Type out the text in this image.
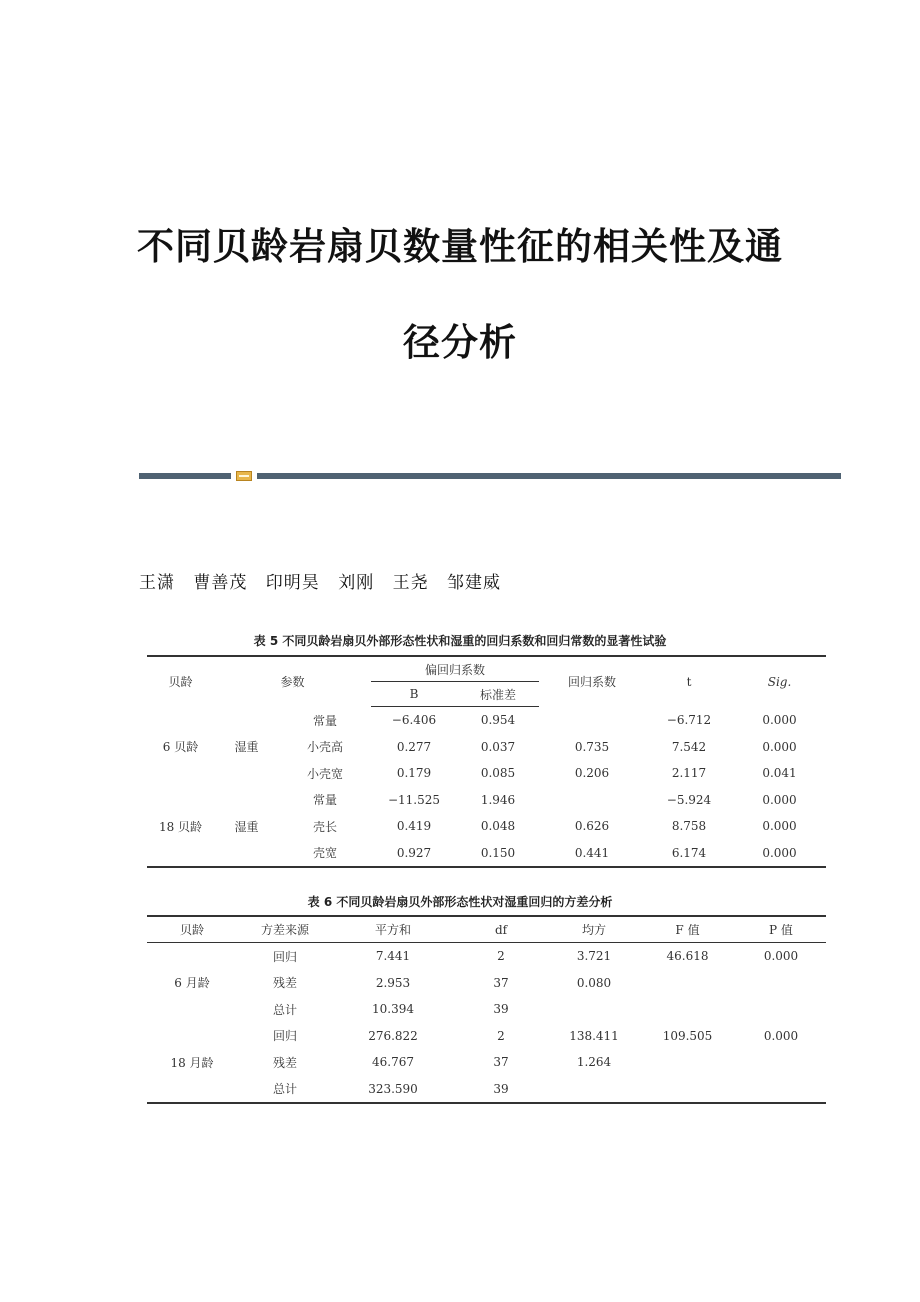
不同贝龄岩扇贝数量性征的相关性及通
径分析
王潇 曹善茂 印明昊 刘刚 王尧 邹建威
表 5 不同贝龄岩扇贝外部形态性状和湿重的回归系数和回归常数的显著性试验
贝龄	参数		偏回归系数		回归系数	t	Sig.
			B	标准差			
6 贝龄	湿重	常量	−6.406	0.954		−6.712	0.000
		小壳高	0.277	0.037	0.735	7.542	0.000
		小壳宽	0.179	0.085	0.206	2.117	0.041
18 贝龄	湿重	常量	−11.525	1.946		−5.924	0.000
		壳长	0.419	0.048	0.626	8.758	0.000
		壳宽	0.927	0.150	0.441	6.174	0.000
表 6 不同贝龄岩扇贝外部形态性状对湿重回归的方差分析
贝龄	方差来源	平方和	df	均方	F 值	P 值
6 月龄	回归	7.441	2	3.721	46.618	0.000
	残差	2.953	37	0.080		
	总计	10.394	39			
18 月龄	回归	276.822	2	138.411	109.505	0.000
	残差	46.767	37	1.264		
	总计	323.590	39			
